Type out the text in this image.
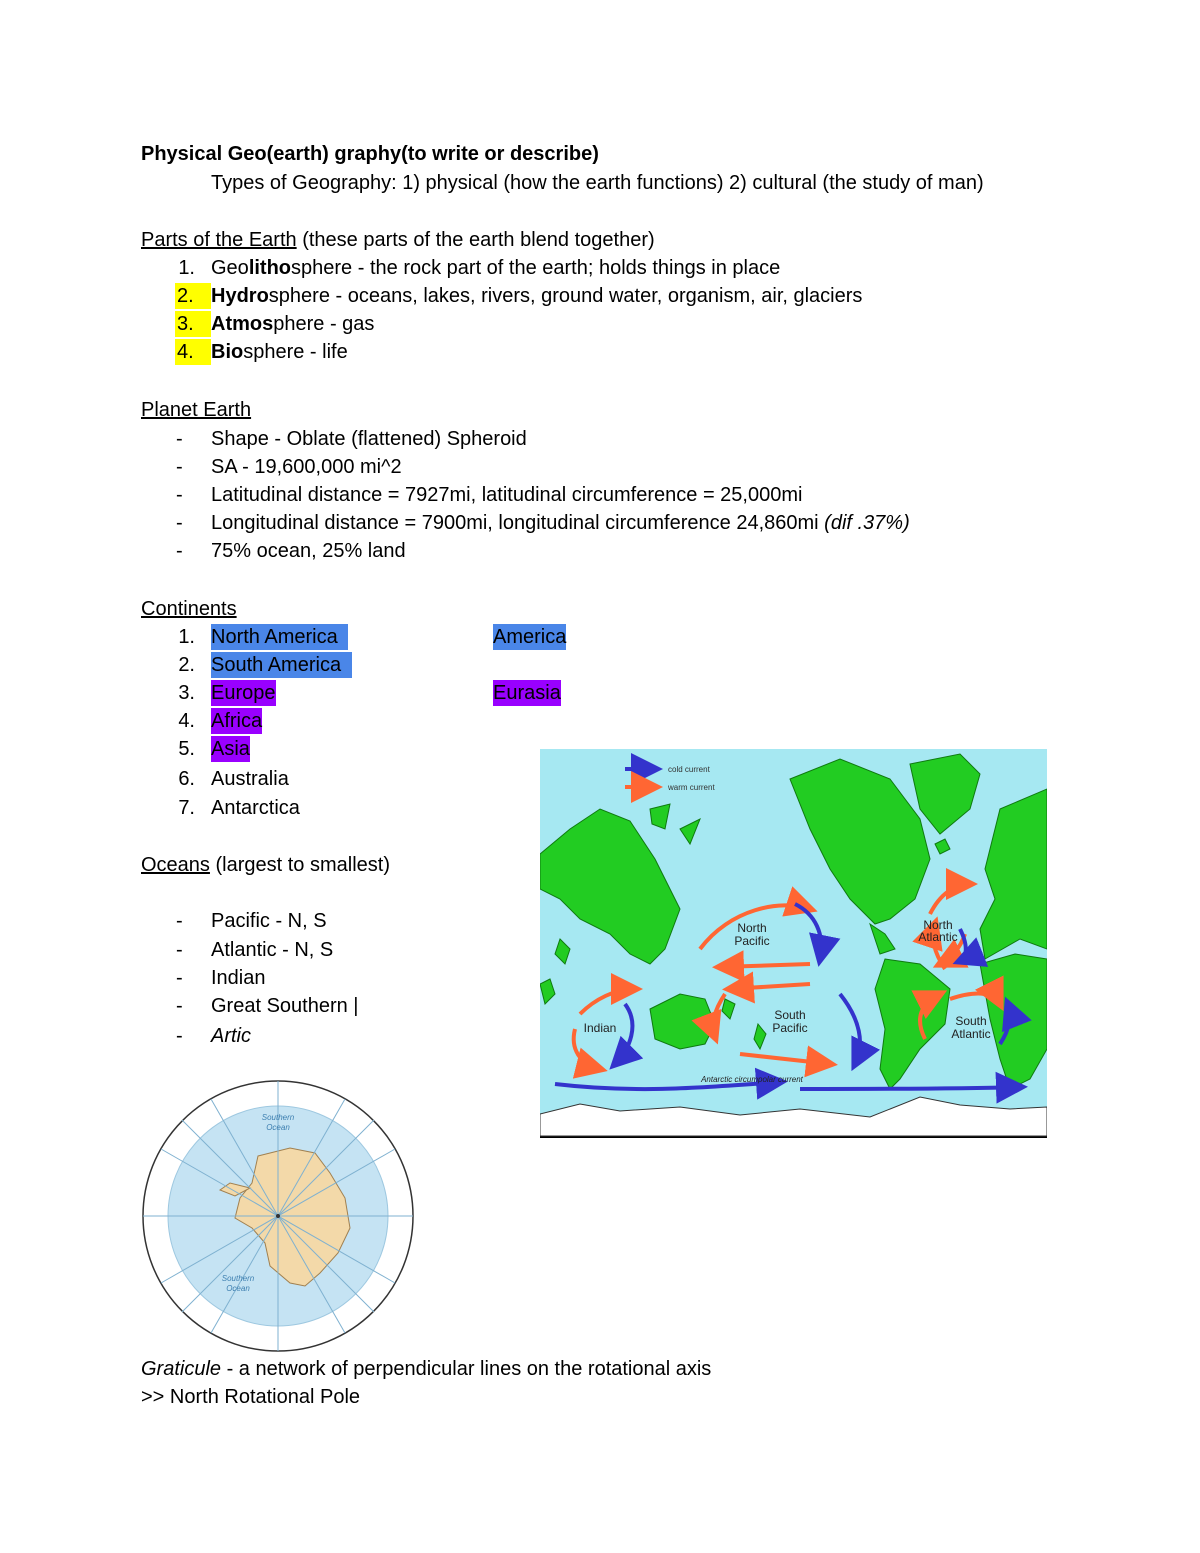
Physical Geo(earth) graphy(to write or describe)
Types of Geography: 1) physical (how the earth functions) 2) cultural (the study of man)
Parts of the Earth (these parts of the earth blend together)
1. Geolithosphere - the rock part of the earth; holds things in place
2. Hydrosphere - oceans, lakes, rivers, ground water, organism, air, glaciers
3. Atmosphere - gas
4. Biosphere - life
Planet Earth
- Shape - Oblate (flattened) Spheroid
- SA - 19,600,000 mi^2
- Latitudinal distance = 7927mi, latitudinal circumference = 25,000mi
- Longitudinal distance = 7900mi, longitudinal circumference 24,860mi (dif .37%)
- 75% ocean, 25% land
Continents
1. North America	America
2. South America
3. Europe	Eurasia
4. Africa
5. Asia
6. Australia
7. Antarctica
Oceans (largest to smallest)
- Pacific - N, S
- Atlantic - N, S
- Indian
- Great Southern |
- Artic
cold current
warm current
North
Pacific
North
Atlantic
South
Pacific	South
Atlantic
Indian
Antarctic circumpolar current
Southern
Ocean
Southern
Ocean
Graticule - a network of perpendicular lines on the rotational axis
>> North Rotational Pole
